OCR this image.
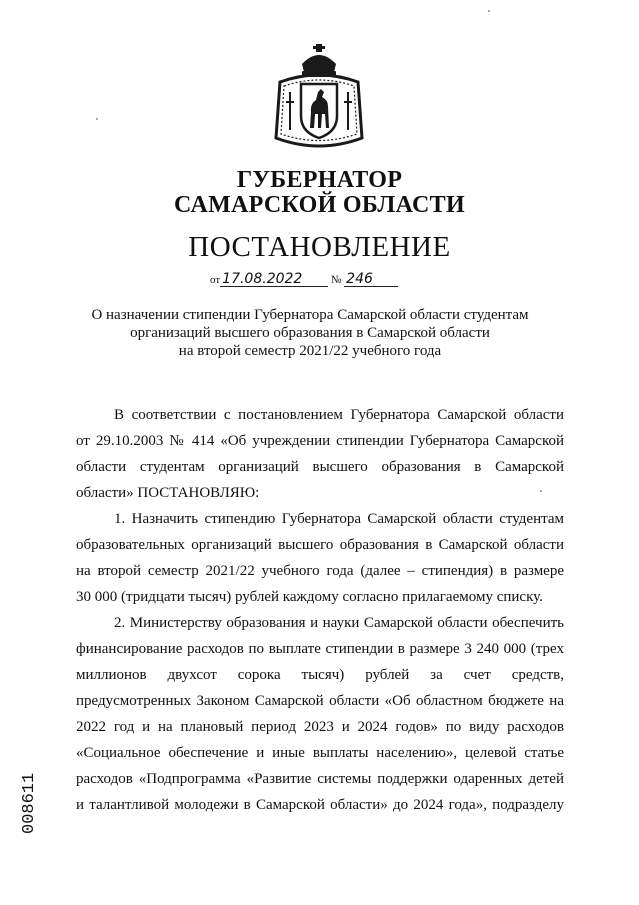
ГУБЕРНАТОР
САМАРСКОЙ ОБЛАСТИ
ПОСТАНОВЛЕНИЕ
от 17.08.2022	№ 246
О назначении стипендии Губернатора Самарской области студентам
организаций высшего образования в Самарской области
на второй семестр 2021/22 учебного года
В соответствии с постановлением Губернатора Самарской области
от 29.10.2003 № 414 «Об учреждении стипендии Губернатора Самарской
области студентам организаций высшего образования в Самарской
области» ПОСТАНОВЛЯЮ:
1. Назначить стипендию Губернатора Самарской области студентам
образовательных организаций высшего образования в Самарской области
на второй семестр 2021/22 учебного года (далее – стипендия) в размере
30 000 (тридцати тысяч) рублей каждому согласно прилагаемому списку.
2. Министерству образования и науки Самарской области обеспечить
финансирование расходов по выплате стипендии в размере 3 240 000 (трех
миллионов двухсот сорока тысяч) рублей за счет средств,
предусмотренных Законом Самарской области «Об областном бюджете на
2022 год и на плановый период 2023 и 2024 годов» по виду расходов
«Социальное обеспечение и иные выплаты населению», целевой статье
расходов «Подпрограмма «Развитие системы поддержки одаренных детей
и талантливой молодежи в Самарской области» до 2024 года», подразделу
008611
